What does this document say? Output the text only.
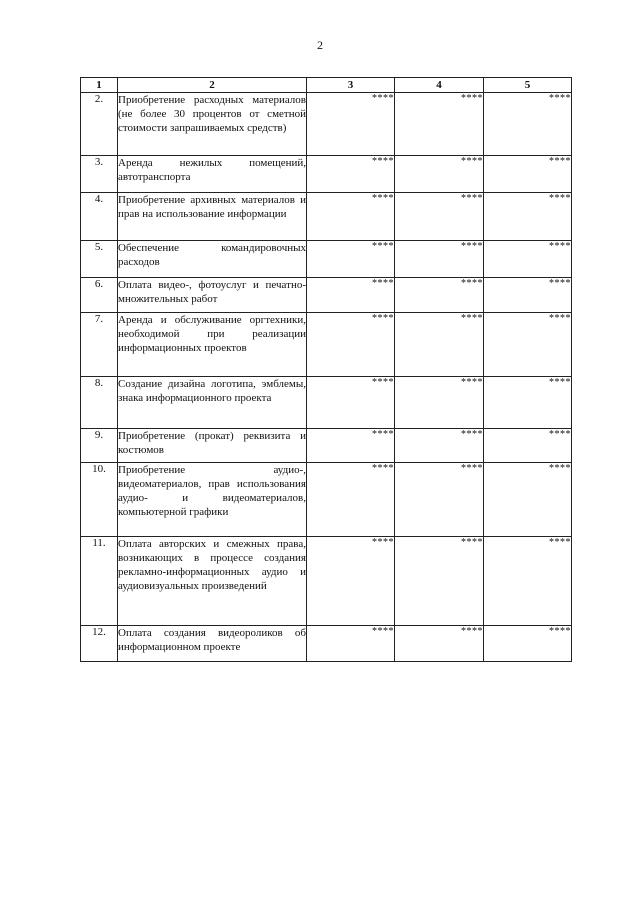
2
1	2	3	4	5
2.	Приобретение расходных материалов (не более 30 процентов от сметной стоимости запрашиваемых средств)	****	****	****
3.	Аренда нежилых помещений, автотранспорта	****	****	****
4.	Приобретение архивных материалов и прав на использование информации	****	****	****
5.	Обеспечение командировочных расходов	****	****	****
6.	Оплата видео-, фотоуслуг и печатно-множительных работ	****	****	****
7.	Аренда и обслуживание оргтехники, необходимой при реализации информационных проектов	****	****	****
8.	Создание дизайна логотипа, эмблемы, знака информационного проекта	****	****	****
9.	Приобретение (прокат) реквизита и костюмов	****	****	****
10.	Приобретение аудио-, видеоматериалов, прав использования аудио- и видеоматериалов, компьютерной графики	****	****	****
11.	Оплата авторских и смежных права, возникающих в процессе создания рекламно-информационных аудио и аудиовизуальных произведений	****	****	****
12.	Оплата создания видеороликов об информационном проекте	****	****	****
